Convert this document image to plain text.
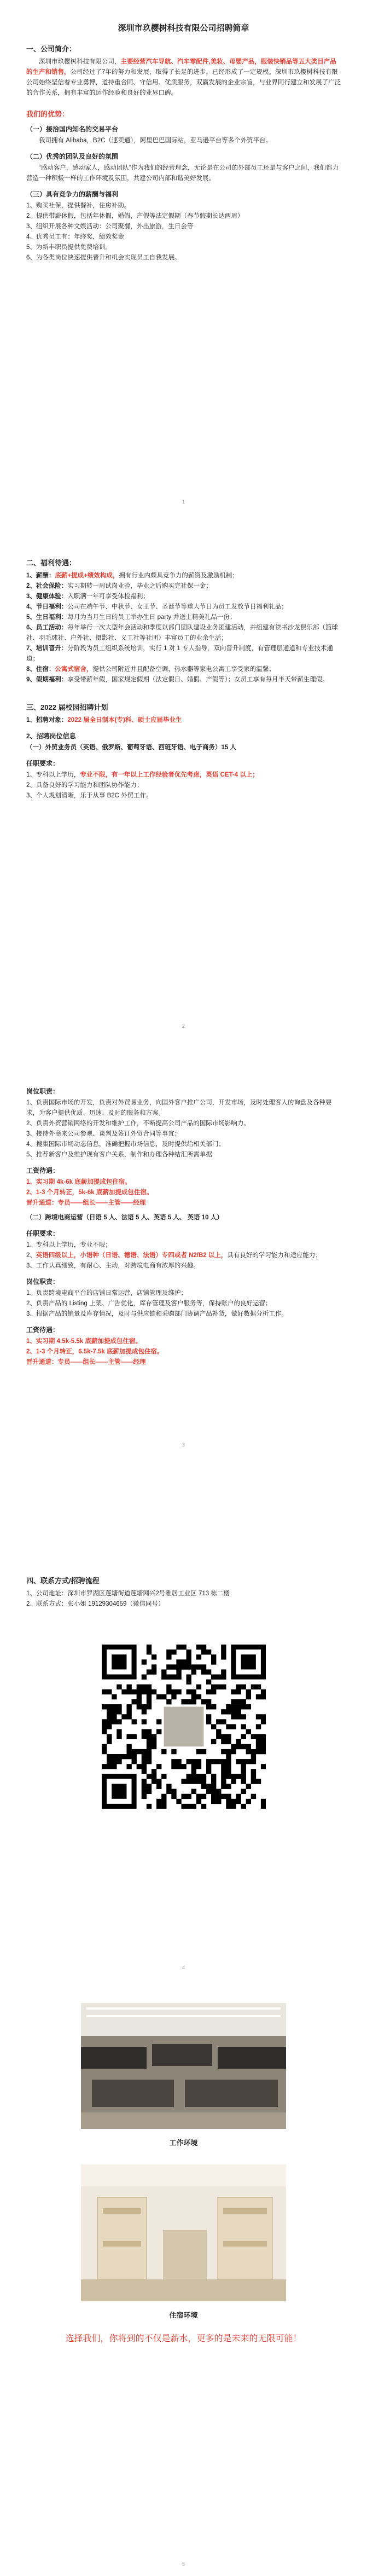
深圳市玖樱树科技有限公司招聘简章
一、公司简介：

深圳市玖樱树科技有限公司，主要经营汽车导航、汽车零配件,美妆、母婴产品，服装快销品等五大类目产品的生产和销售，公司经过了7年的努力和发展，取得了长足的进步，已经形成了一定规模。深圳市玖樱树科技有限公司始终坚信着专业勇博，道持重合同、守信用、优质服务，双赢发展的企业宗旨，与业界同行建立和发展了广泛的合作关系，拥有丰富的运作经验和良好的业界口碑。

我们的优势：
（一）接洽国内知名的交易平台

我司拥有 Alibaba，B2C（速卖通），阿里巴巴国际站，亚马逊平台等多个外贸平台。

（二）优秀的团队及良好的氛围

“感动客户，感动家人，感动团队”作为我们的经营理念，无论是在公司的外部员工还是与客户之间，我们都力营造一种积极一样的工作环境及氛围，共建公司内部和谐美好发展。

（三）具有竞争力的薪酬与福利

1、购买社保，提供餐补，住房补助。

2、提供带薪休假，包括年休假，婚假，产假等法定假期（春节假期长达两周）

3、组织开展各种文娱活动：公司聚餐，外出旅游，生日会等

4、优秀员工有：年终奖，绩效奖金

5、为新丰职员提供免费培训。

6、为各类岗位快速提供晋升和机会实现员工自我发展。

1
二、福利待遇：

1、薪酬：底薪+提成+绩效构成，拥有行业内颇具竞争力的薪资及激励机制；

2、社会保险：实习期转一周试岗业验，毕业之后购买完社保一金；

3、健康体验：入职满一年可享受体检福利；

4、节日福利：公司在端午节、中秋节、女王节、圣诞节等重大节日为员工发放节日福利礼品；

5、生日福利：每月为当月生日的员工举办生日 party 并送上精美礼品一份；

6、员工活动：每年举行一次大型年会活动和季度以部门团队建设业务团建活动，并组建有读书沙龙俱乐部（篮球社、羽毛球社、户外社、摄影社、义工社等社团）丰富员工的业余生活；

7、培训晋升：分阶段为员工组织系统培训，实行 1 对 1 专人指导，双向晋升制度，有管理层通道和专业技术通道；

8、住宿：公寓式宿舍，提供公司附近并且配备空调，热水器等家电公寓工享受家的温馨；

9、假期福利：享受带薪年假，国家规定假期（法定假日、婚假、产假等）；女员工享有每月半天带薪生理假。

三、2022 届校园招聘计划

1、招聘对象：2022 届全日制本(专)科、硕士应届毕业生

2、招聘岗位信息

（一）外贸业务员（英语、俄罗斯、葡萄牙语、西班牙语、电子商务）15 人

任职要求：

1、专科以上学历，专业不限，有一年以上工作经验者优先考虑，英语 CET-4 以上；

2、具备良好的学习能力和团队协作能力；

3、个人规划清晰，乐于从事 B2C 外贸工作。

2
岗位职责：

1、负责国际市场的开发，负责对外贸易业务，向国外客户推广公司，开发市场，及时处理客人的询盘及各种要求，为客户提供优质、迅速、及时的服务和方案。

2、负责外贸营销网络的开发和维护工作，不断提高公司产品的国际市场影响力。

3、接待外商来公司参观、谈判及签订外贸合同等事宜；

4、搜集国际市场动态信息，准确把握市场信息，及时提供给相关部门；

5、推荐新客户及维护现有客户关系，制作和办理各种结汇所需单据

工资待遇：

1、实习期 4k-6k 底薪加提成包住宿。

2、1-3 个月转正，5k-6k 底薪加提成包住宿。

晋升通道：专员——组长——主管——经理

（二）跨境电商运营（日语 5 人、法语 5 人、英语 5 人、 英语 10 人）

任职要求：

1、专科以上学历，专业不限；

2、英语四级以上，小语种（日语、德语、法语）专四或者 N2/B2 以上，具有良好的学习能力和适应能力；

3、工作认真细致，有耐心、主动，对跨境电商有浓厚的兴趣。

岗位职责：

1、负责跨境电商平台的店铺日常运营，店铺管理及维护；

2、负责产品的 Listing 上架、广告优化，库存管理及客户服务等，保持账户的良好运营；

3、根据产品的销量及库存情况，及时与供应链和采购部门协调产品补货，做好数据分析工作。

工资待遇：

1、实习期 4.5k-5.5k 底薪加提成包住宿。

2、1-3 个月转正，6.5k-7.5k 底薪加提成包住宿。

晋升通道：专员——组长——主管——经理

3
四、联系方式/招聘流程

1、公司地址：深圳市罗湖区莲塘街道莲塘网兴2号雅居工业区 713 栋二楼

2、联系方式：张小姐 19129304659（微信同号）

4
工作环境
住宿环境
选择我们，你将到的不仅是薪水，更多的是未来的无限可能！
5
